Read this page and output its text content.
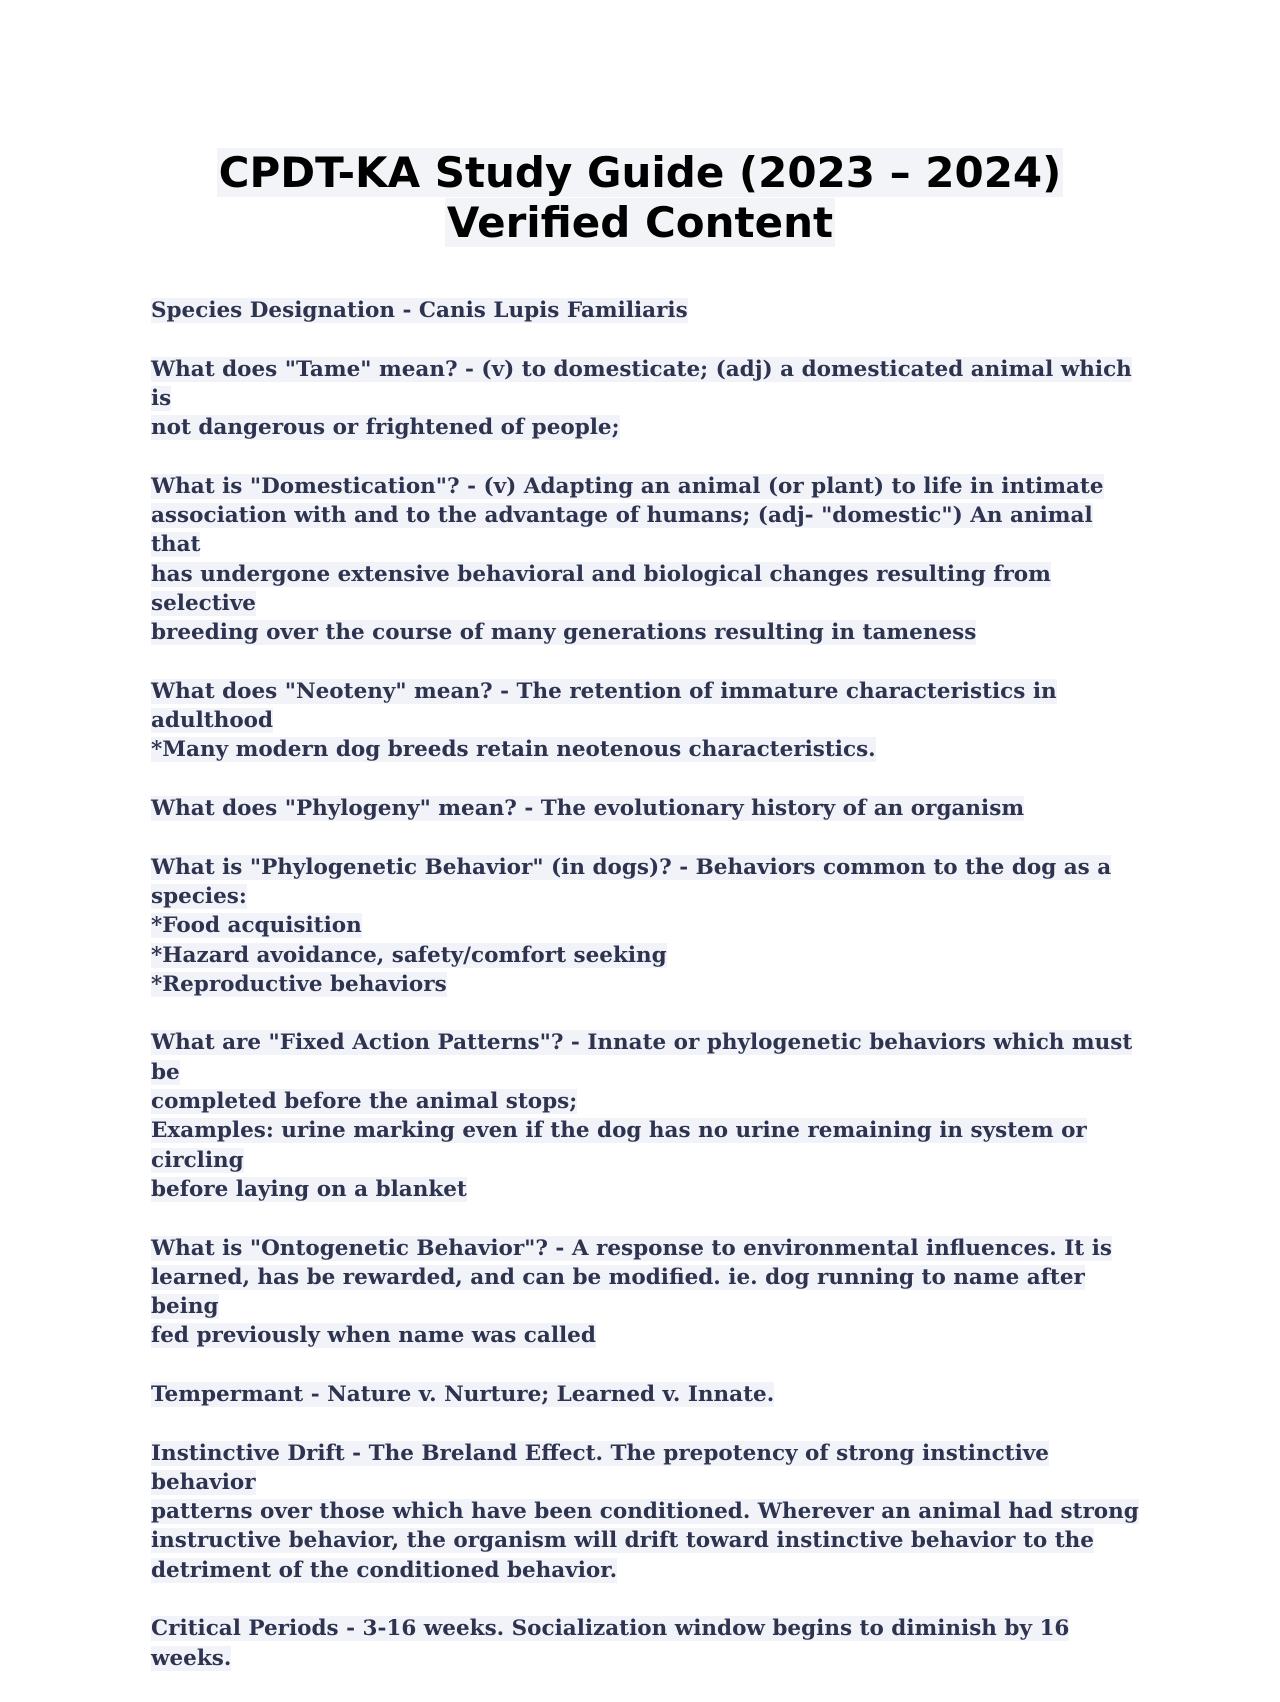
CPDT-KA Study Guide (2023 – 2024)
Verified Content
Species Designation - Canis Lupis Familiaris
What does "Tame" mean? - (v) to domesticate; (adj) a domesticated animal which is
not dangerous or frightened of people;
What is "Domestication"? - (v) Adapting an animal (or plant) to life in intimate
association with and to the advantage of humans; (adj- "domestic") An animal that
has undergone extensive behavioral and biological changes resulting from selective
breeding over the course of many generations resulting in tameness
What does "Neoteny" mean? - The retention of immature characteristics in
adulthood
*Many modern dog breeds retain neotenous characteristics.
What does "Phylogeny" mean? - The evolutionary history of an organism
What is "Phylogenetic Behavior" (in dogs)? - Behaviors common to the dog as a
species:
*Food acquisition
*Hazard avoidance, safety/comfort seeking
*Reproductive behaviors
What are "Fixed Action Patterns"? - Innate or phylogenetic behaviors which must be
completed before the animal stops;
Examples: urine marking even if the dog has no urine remaining in system or circling
before laying on a blanket
What is "Ontogenetic Behavior"? - A response to environmental influences. It is
learned, has be rewarded, and can be modified. ie. dog running to name after being
fed previously when name was called
Tempermant - Nature v. Nurture; Learned v. Innate.
Instinctive Drift - The Breland Effect. The prepotency of strong instinctive behavior
patterns over those which have been conditioned. Wherever an animal had strong
instructive behavior, the organism will drift toward instinctive behavior to the
detriment of the conditioned behavior.
Critical Periods - 3-16 weeks. Socialization window begins to diminish by 16 weeks.
